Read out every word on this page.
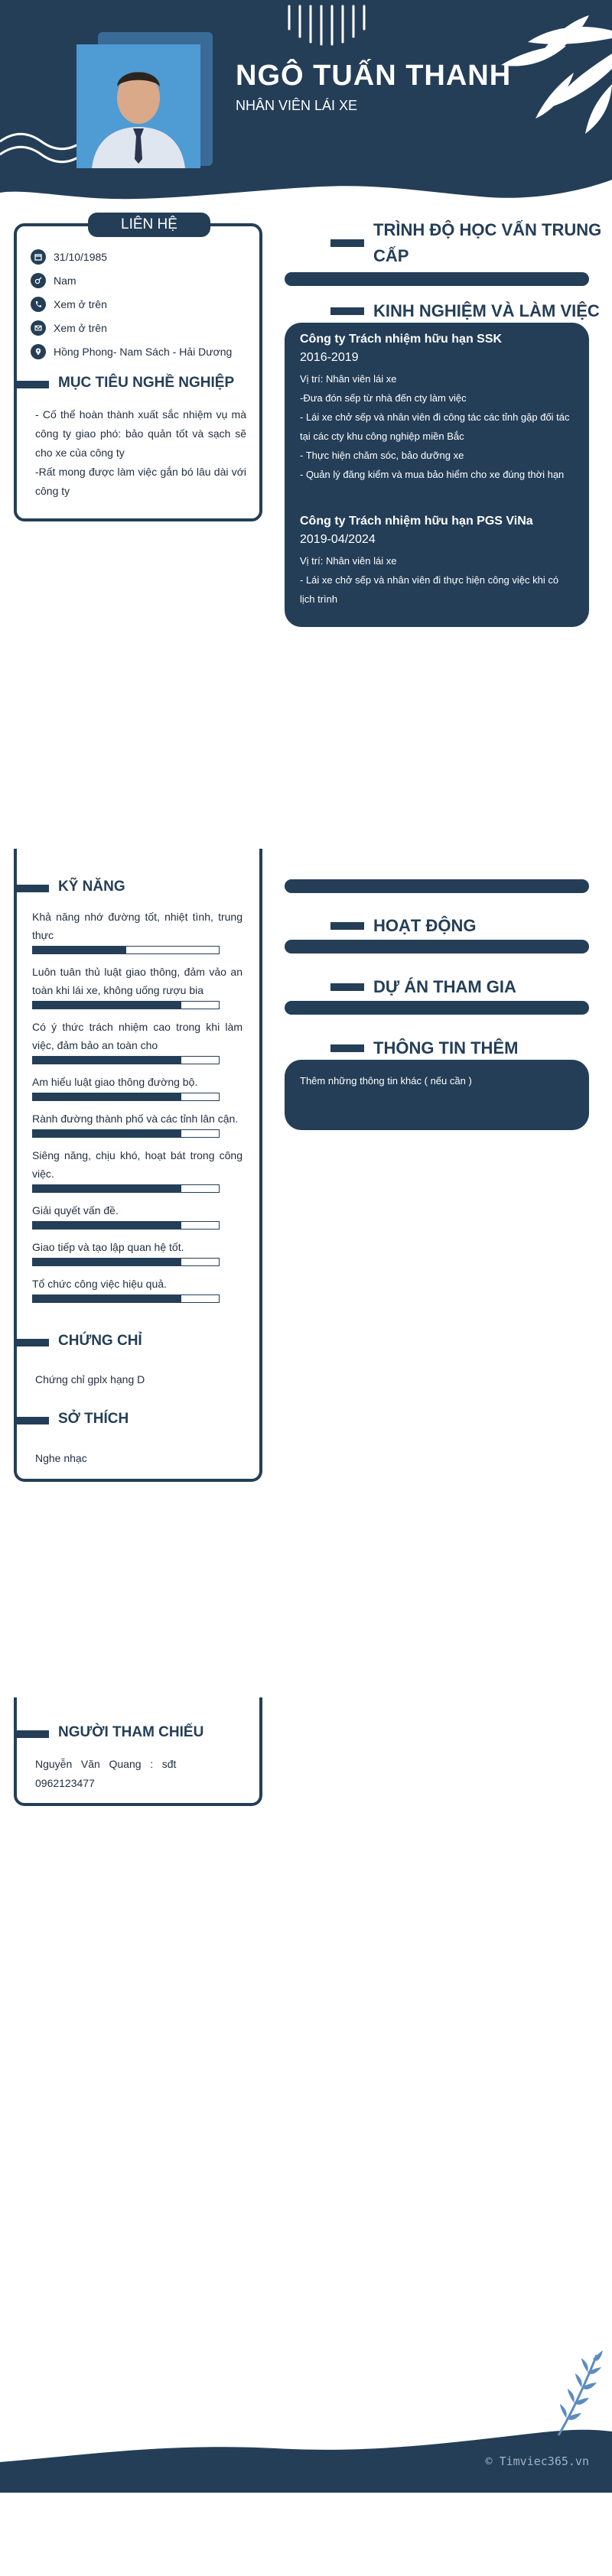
NGÔ TUẤN THANH
NHÂN VIÊN LÁI XE
LIÊN HỆ
31/10/1985
Nam
Xem ở trên
Xem ở trên
Hồng Phong- Nam Sách - Hải Dương
MỤC TIÊU NGHỀ NGHIỆP
- Cố thể hoàn thành xuất sắc nhiệm vụ mà công ty giao phó: bảo quản tốt và sạch sẽ cho xe của công ty
-Rất mong được làm việc gắn bó lâu dài với công ty
TRÌNH ĐỘ HỌC VẤN TRUNG
CẤP
KINH NGHIỆM VÀ LÀM VIỆC
Công ty Trách nhiệm hữu hạn SSK
2016-2019
Vị trí: Nhân viên lái xe
-Đưa đón sếp từ nhà đến cty làm việc
- Lái xe chở sếp và nhân viên đi công tác các tỉnh gặp đối tác tại các cty khu công nghiệp miền Bắc
- Thực hiện chăm sóc, bảo dưỡng xe
- Quản lý đăng kiểm và mua bảo hiểm cho xe đúng thời hạn
Công ty Trách nhiệm hữu hạn PGS ViNa
2019-04/2024
Vị trí: Nhân viên lái xe
- Lái xe chở sếp và nhân viên đi thực hiện công việc khi có lịch trình
KỸ NĂNG
Khả năng nhớ đường tốt, nhiệt tình, trung thực
Luôn tuân thủ luật giao thông, đảm vảo an toàn khi lái xe, không uống rượu bia
Có ý thức trách nhiệm cao trong khi làm việc, đảm bảo an toàn cho
Am hiểu luật giao thông đường bộ.
Rành đường thành phố và các tỉnh lân cận.
Siêng năng, chịu khó, hoạt bát trong công việc.
Giải quyết vấn đề.
Giao tiếp và tạo lập quan hệ tốt.
Tổ chức công việc hiệu quả.
CHỨNG CHỈ
Chứng chỉ gplx hạng D
SỞ THÍCH
Nghe nhạc
HOẠT ĐỘNG
DỰ ÁN THAM GIA
THÔNG TIN THÊM
Thêm những thông tin khác ( nếu cần )
NGƯỜI THAM CHIẾU
Nguyễn   Văn   Quang   :   sđt
0962123477
© Timviec365.vn
